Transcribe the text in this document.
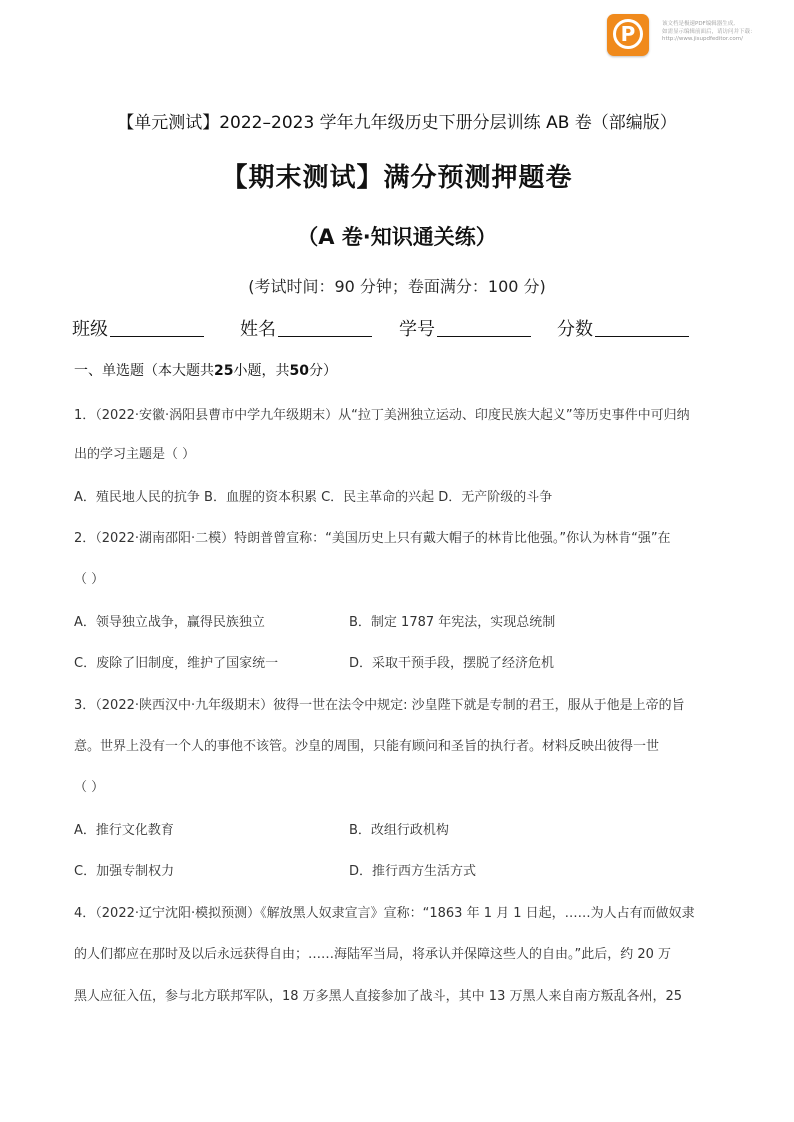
P	该文档是极速PDF编辑器生成,
如需显示编辑前面后，请访问并下载：
http://www.jisupdfeditor.com/
【单元测试】2022–2023 学年九年级历史下册分层训练 AB 卷（部编版）
【期末测试】满分预测押题卷
（A 卷·知识通关练）
(考试时间：90 分钟；卷面满分：100 分)
班级	姓名	学号	分数
一、单选题（本大题共25小题，共50分）
1．（2022·安徽·涡阳县曹市中学九年级期末）从“拉丁美洲独立运动、印度民族大起义”等历史事件中可归纳
出的学习主题是（ ）
A．殖民地人民的抗争 B．血腥的资本积累 C．民主革命的兴起 D．无产阶级的斗争
2．（2022·湖南邵阳·二模）特朗普曾宣称：“美国历史上只有戴大帽子的林肯比他强。”你认为林肯“强”在
（ ）
A．领导独立战争，赢得民族独立	B．制定 1787 年宪法，实现总统制
C．废除了旧制度，维护了国家统一	D．采取干预手段，摆脱了经济危机
3．（2022·陕西汉中·九年级期末）彼得一世在法令中规定: 沙皇陛下就是专制的君王，服从于他是上帝的旨
意。世界上没有一个人的事他不该管。沙皇的周围，只能有顾问和圣旨的执行者。材料反映出彼得一世
（ ）
A．推行文化教育	B．改组行政机构
C．加强专制权力	D．推行西方生活方式
4．（2022·辽宁沈阳·模拟预测）《解放黑人奴隶宣言》宣称：“1863 年 1 月 1 日起，……为人占有而做奴隶
的人们都应在那时及以后永远获得自由；……海陆军当局，将承认并保障这些人的自由。”此后，约 20 万
黑人应征入伍，参与北方联邦军队，18 万多黑人直接参加了战斗，其中 13 万黑人来自南方叛乱各州，25
